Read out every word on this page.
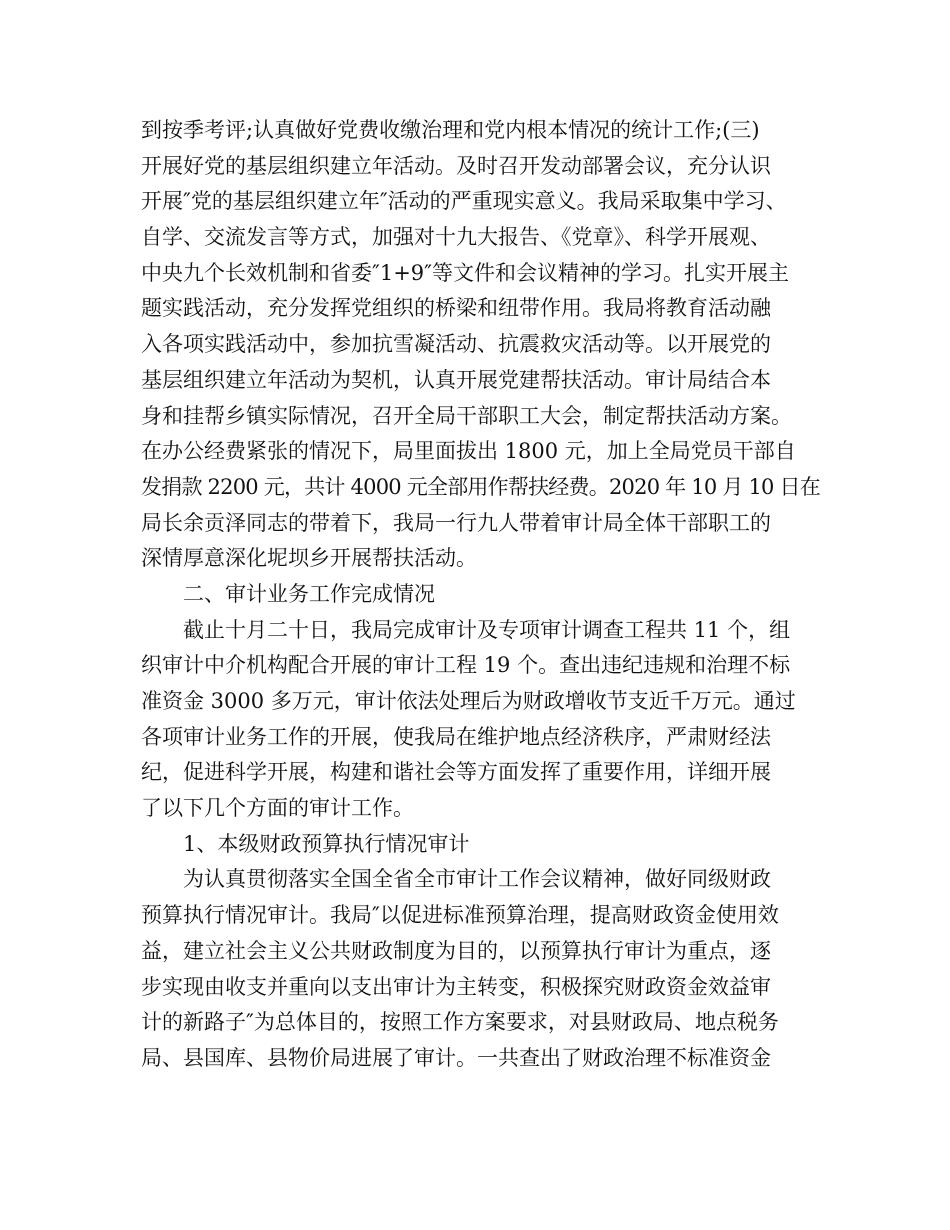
到按季考评;认真做好党费收缴治理和党内根本情况的统计工作;(三)
开展好党的基层组织建立年活动。及时召开发动部署会议，充分认识
开展″党的基层组织建立年″活动的严重现实意义。我局采取集中学习、
自学、交流发言等方式，加强对十九大报告、《党章》、科学开展观、
中央九个长效机制和省委″1+9″等文件和会议精神的学习。扎实开展主
题实践活动，充分发挥党组织的桥梁和纽带作用。我局将教育活动融
入各项实践活动中，参加抗雪凝活动、抗震救灾活动等。以开展党的
基层组织建立年活动为契机，认真开展党建帮扶活动。审计局结合本
身和挂帮乡镇实际情况，召开全局干部职工大会，制定帮扶活动方案。
在办公经费紧张的情况下，局里面拔出 1800 元，加上全局党员干部自
发捐款 2200 元，共计 4000 元全部用作帮扶经费。2020 年 10 月 10 日在
局长余贡泽同志的带着下，我局一行九人带着审计局全体干部职工的
深情厚意深化坭坝乡开展帮扶活动。
二、审计业务工作完成情况
截止十月二十日，我局完成审计及专项审计调查工程共 11 个，组
织审计中介机构配合开展的审计工程 19 个。查出违纪违规和治理不标
准资金 3000 多万元，审计依法处理后为财政增收节支近千万元。通过
各项审计业务工作的开展，使我局在维护地点经济秩序，严肃财经法
纪，促进科学开展，构建和谐社会等方面发挥了重要作用，详细开展
了以下几个方面的审计工作。
1、本级财政预算执行情况审计
为认真贯彻落实全国全省全市审计工作会议精神，做好同级财政
预算执行情况审计。我局″以促进标准预算治理，提高财政资金使用效
益，建立社会主义公共财政制度为目的，以预算执行审计为重点，逐
步实现由收支并重向以支出审计为主转变，积极探究财政资金效益审
计的新路子″为总体目的，按照工作方案要求，对县财政局、地点税务
局、县国库、县物价局进展了审计。一共查出了财政治理不标准资金
